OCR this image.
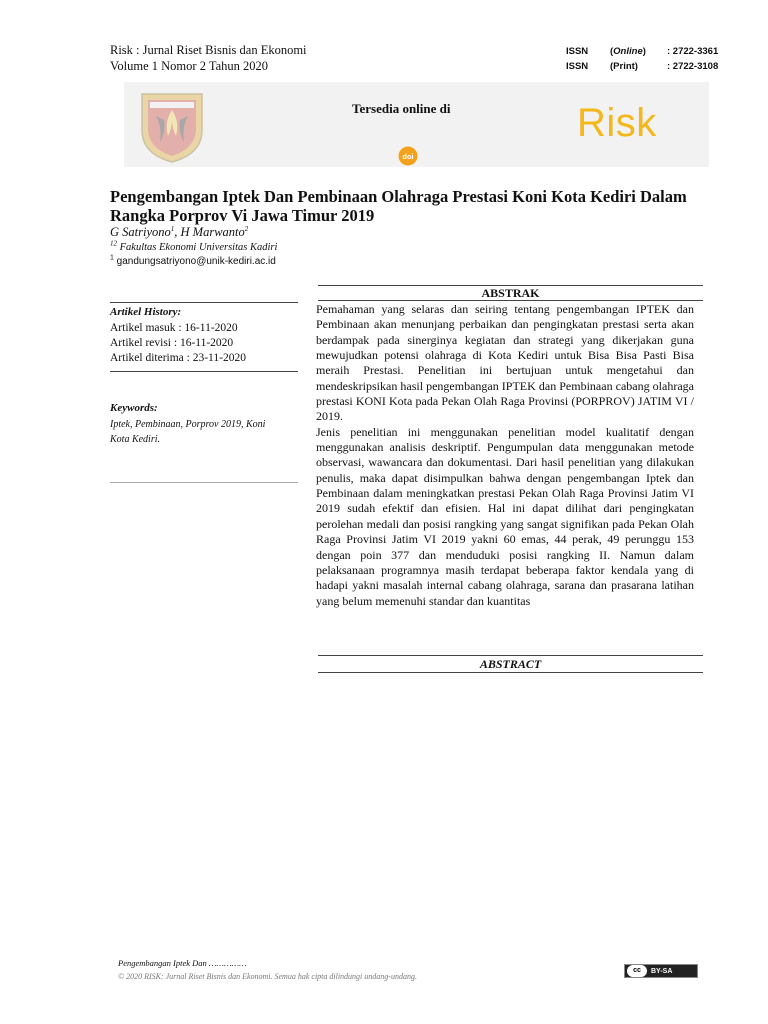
Risk : Jurnal Riset Bisnis dan Ekonomi
Volume 1 Nomor 2 Tahun 2020
ISSN (Online) : 2722-3361
ISSN (Print)	: 2722-3108
Tersedia online di
doi
Risk
Pengembangan Iptek Dan Pembinaan Olahraga Prestasi Koni Kota Kediri Dalam Rangka Porprov Vi Jawa Timur 2019
G Satriyono$^1$, H Marwanto$^2$
$^{12}$ Fakultas Ekonomi Universitas Kadiri
$^1$ gandungsatriyono@unik-kediri.ac.id
Artikel History:
Artikel masuk : 16-11-2020
Artikel revisi : 16-11-2020
Artikel diterima : 23-11-2020
Keywords:
Iptek, Pembinaan, Porprov 2019, Koni Kota Kediri.
ABSTRAK

Pemahaman yang selaras dan seiring tentang pengembangan IPTEK dan Pembinaan akan menunjang perbaikan dan pengingkatan prestasi serta akan berdampak pada sinerginya kegiatan dan strategi yang dikerjakan guna mewujudkan potensi olahraga di Kota Kediri untuk Bisa Bisa Pasti Bisa meraih Prestasi. Penelitian ini bertujuan untuk mengetahui dan mendeskripsikan hasil pengembangan IPTEK dan Pembinaan cabang olahraga prestasi KONI Kota pada Pekan Olah Raga Provinsi (PORPROV) JATIM VI / 2019.

Jenis penelitian ini menggunakan penelitian model kualitatif dengan menggunakan analisis deskriptif. Pengumpulan data menggunakan metode observasi, wawancara dan dokumentasi. Dari hasil penelitian yang dilakukan penulis, maka dapat disimpulkan bahwa dengan pengembangan Iptek dan Pembinaan dalam meningkatkan prestasi Pekan Olah Raga Provinsi Jatim VI 2019 sudah efektif dan efisien. Hal ini dapat dilihat dari pengingkatan perolehan medali dan posisi rangking yang sangat signifikan pada Pekan Olah Raga Provinsi Jatim VI 2019 yakni 60 emas, 44 perak, 49 perunggu 153 dengan poin 377 dan menduduki posisi rangking II. Namun dalam pelaksanaan programnya masih terdapat beberapa faktor kendala yang di hadapi yakni masalah internal cabang olahraga, sarana dan prasarana latihan yang belum memenuhi standar dan kuantitas

ABSTRACT
Pengembangan Iptek Dan ……………
© 2020 RISK: Jurnal Riset Bisnis dan Ekonomi. Semua hak cipta dilindungi undang-undang.
cc	BY-SA
